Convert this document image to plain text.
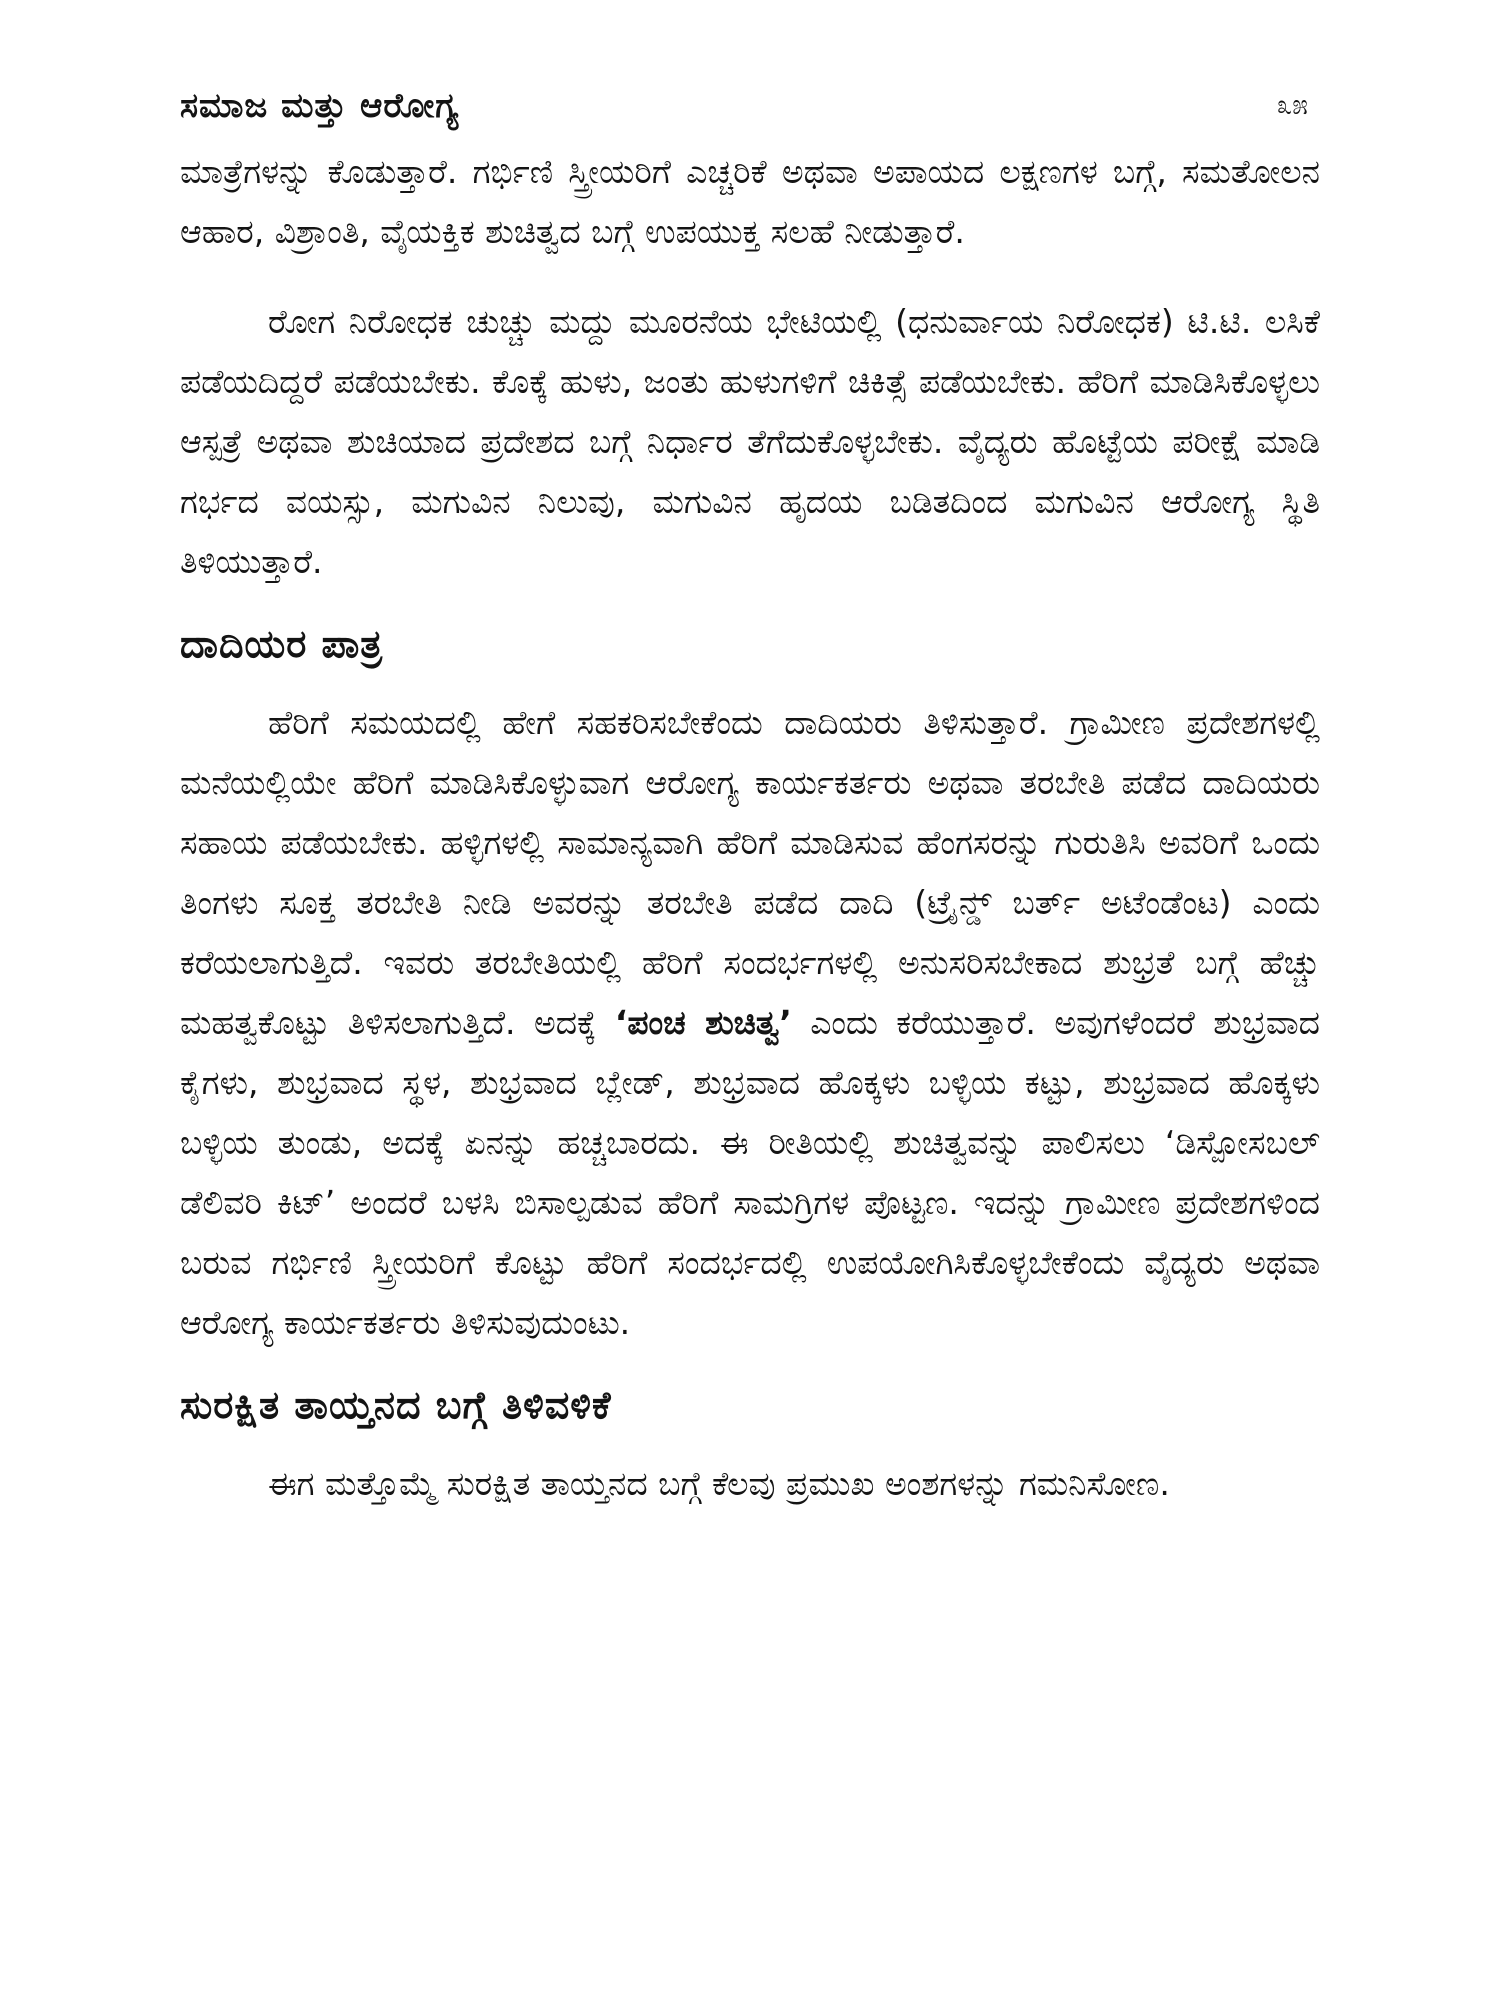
ಸಮಾಜ ಮತ್ತು ಆರೋಗ್ಯ	೩೫

ಮಾತ್ರೆಗಳನ್ನು ಕೊಡುತ್ತಾರೆ. ಗರ್ಭಿಣಿ ಸ್ತ್ರೀಯರಿಗೆ ಎಚ್ಚರಿಕೆ ಅಥವಾ ಅಪಾಯದ ಲಕ್ಷಣಗಳ ಬಗ್ಗೆ, ಸಮತೋಲನ ಆಹಾರ, ವಿಶ್ರಾಂತಿ, ವೈಯಕ್ತಿಕ ಶುಚಿತ್ವದ ಬಗ್ಗೆ ಉಪಯುಕ್ತ ಸಲಹೆ ನೀಡುತ್ತಾರೆ.

ರೋಗ ನಿರೋಧಕ ಚುಚ್ಚು ಮದ್ದು ಮೂರನೆಯ ಭೇಟಿಯಲ್ಲಿ (ಧನುರ್ವಾಯ ನಿರೋಧಕ) ಟಿ.ಟಿ. ಲಸಿಕೆ ಪಡೆಯದಿದ್ದರೆ ಪಡೆಯಬೇಕು. ಕೊಕ್ಕೆ ಹುಳು, ಜಂತು ಹುಳುಗಳಿಗೆ ಚಿಕಿತ್ಸೆ ಪಡೆಯಬೇಕು. ಹೆರಿಗೆ ಮಾಡಿಸಿಕೊಳ್ಳಲು ಆಸ್ಪತ್ರೆ ಅಥವಾ ಶುಚಿಯಾದ ಪ್ರದೇಶದ ಬಗ್ಗೆ ನಿರ್ಧಾರ ತೆಗೆದುಕೊಳ್ಳಬೇಕು. ವೈದ್ಯರು ಹೊಟ್ಟೆಯ ಪರೀಕ್ಷೆ ಮಾಡಿ ಗರ್ಭದ ವಯಸ್ಸು, ಮಗುವಿನ ನಿಲುವು, ಮಗುವಿನ ಹೃದಯ ಬಡಿತದಿಂದ ಮಗುವಿನ ಆರೋಗ್ಯ ಸ್ಥಿತಿ ತಿಳಿಯುತ್ತಾರೆ.

ದಾದಿಯರ ಪಾತ್ರ

ಹೆರಿಗೆ ಸಮಯದಲ್ಲಿ ಹೇಗೆ ಸಹಕರಿಸಬೇಕೆಂದು ದಾದಿಯರು ತಿಳಿಸುತ್ತಾರೆ. ಗ್ರಾಮೀಣ ಪ್ರದೇಶಗಳಲ್ಲಿ ಮನೆಯಲ್ಲಿಯೇ ಹೆರಿಗೆ ಮಾಡಿಸಿಕೊಳ್ಳುವಾಗ ಆರೋಗ್ಯ ಕಾರ್ಯಕರ್ತರು ಅಥವಾ ತರಬೇತಿ ಪಡೆದ ದಾದಿಯರು ಸಹಾಯ ಪಡೆಯಬೇಕು. ಹಳ್ಳಿಗಳಲ್ಲಿ ಸಾಮಾನ್ಯವಾಗಿ ಹೆರಿಗೆ ಮಾಡಿಸುವ ಹೆಂಗಸರನ್ನು ಗುರುತಿಸಿ ಅವರಿಗೆ ಒಂದು ತಿಂಗಳು ಸೂಕ್ತ ತರಬೇತಿ ನೀಡಿ ಅವರನ್ನು ತರಬೇತಿ ಪಡೆದ ದಾದಿ (ಟ್ರೈನ್ಡ್ ಬರ್ತ್ ಅಟೆಂಡೆಂಟ) ಎಂದು ಕರೆಯಲಾಗುತ್ತಿದೆ. ಇವರು ತರಬೇತಿಯಲ್ಲಿ ಹೆರಿಗೆ ಸಂದರ್ಭಗಳಲ್ಲಿ ಅನುಸರಿಸಬೇಕಾದ ಶುಭ್ರತೆ ಬಗ್ಗೆ ಹೆಚ್ಚು ಮಹತ್ವಕೊಟ್ಟು ತಿಳಿಸಲಾಗುತ್ತಿದೆ. ಅದಕ್ಕೆ ‘ಪಂಚ ಶುಚಿತ್ವ’ ಎಂದು ಕರೆಯುತ್ತಾರೆ. ಅವುಗಳೆಂದರೆ ಶುಭ್ರವಾದ ಕೈಗಳು, ಶುಭ್ರವಾದ ಸ್ಥಳ, ಶುಭ್ರವಾದ ಬ್ಲೇಡ್, ಶುಭ್ರವಾದ ಹೊಕ್ಕಳು ಬಳ್ಳಿಯ ಕಟ್ಟು, ಶುಭ್ರವಾದ ಹೊಕ್ಕಳು ಬಳ್ಳಿಯ ತುಂಡು, ಅದಕ್ಕೆ ಏನನ್ನು ಹಚ್ಚಬಾರದು. ಈ ರೀತಿಯಲ್ಲಿ ಶುಚಿತ್ವವನ್ನು ಪಾಲಿಸಲು ‘ಡಿಸ್ಪೋಸಬಲ್ ಡೆಲಿವರಿ ಕಿಟ್’ ಅಂದರೆ ಬಳಸಿ ಬಿಸಾಲ್ಪಡುವ ಹೆರಿಗೆ ಸಾಮಗ್ರಿಗಳ ಪೊಟ್ಟಣ. ಇದನ್ನು ಗ್ರಾಮೀಣ ಪ್ರದೇಶಗಳಿಂದ ಬರುವ ಗರ್ಭಿಣಿ ಸ್ತ್ರೀಯರಿಗೆ ಕೊಟ್ಟು ಹೆರಿಗೆ ಸಂದರ್ಭದಲ್ಲಿ ಉಪಯೋಗಿಸಿಕೊಳ್ಳಬೇಕೆಂದು ವೈದ್ಯರು ಅಥವಾ ಆರೋಗ್ಯ ಕಾರ್ಯಕರ್ತರು ತಿಳಿಸುವುದುಂಟು.

ಸುರಕ್ಷಿತ ತಾಯ್ತನದ ಬಗ್ಗೆ ತಿಳಿವಳಿಕೆ

ಈಗ ಮತ್ತೊಮ್ಮೆ ಸುರಕ್ಷಿತ ತಾಯ್ತನದ ಬಗ್ಗೆ ಕೆಲವು ಪ್ರಮುಖ ಅಂಶಗಳನ್ನು ಗಮನಿಸೋಣ.
